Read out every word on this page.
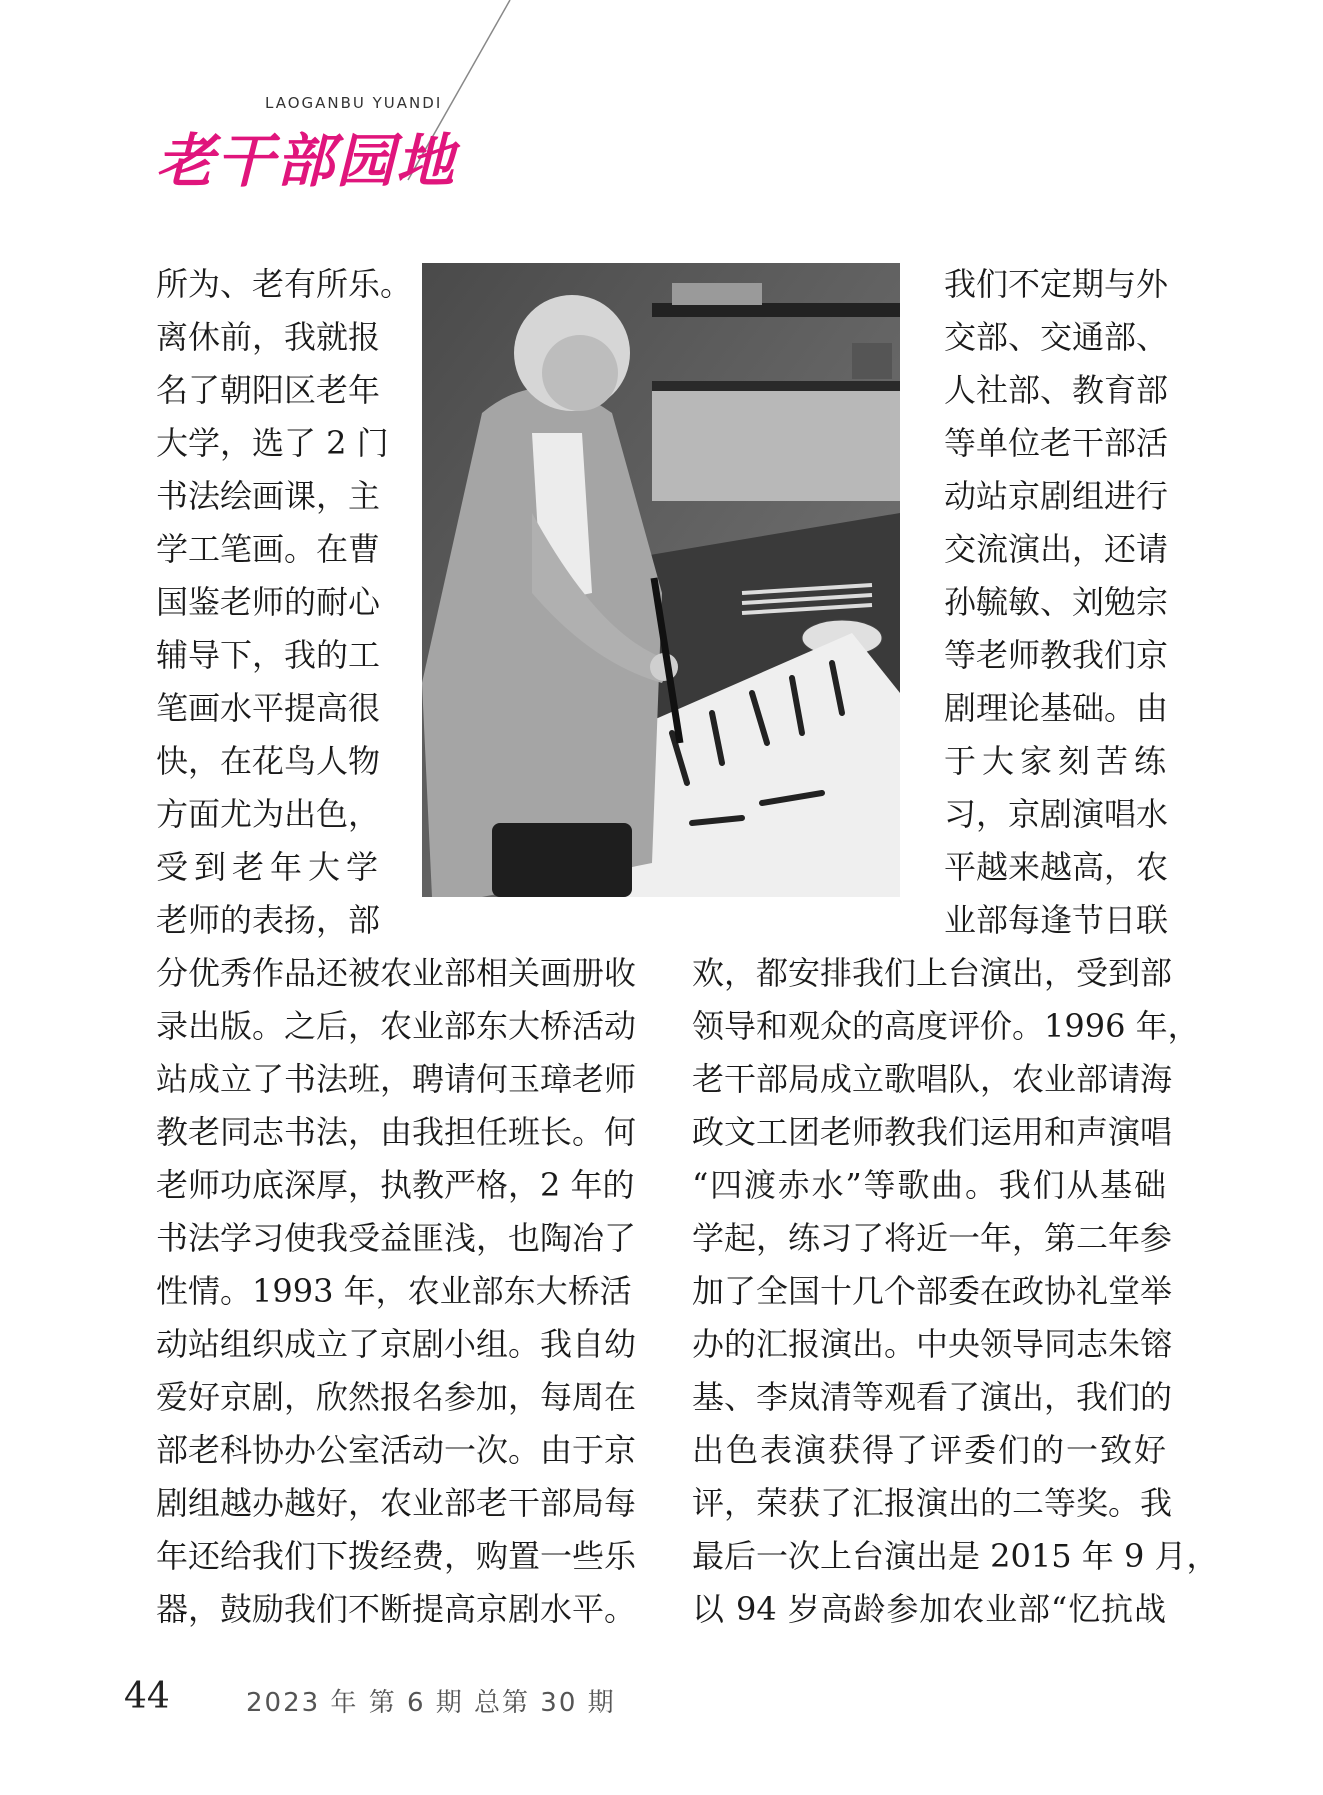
LAOGANBU YUANDI
老干部园地
所为、老有所乐。
离休前，我就报
名了朝阳区老年
大学，选了 2 门
书法绘画课，主
学工笔画。在曹
国鉴老师的耐心
辅导下，我的工
笔画水平提高很
快，在花鸟人物
方面尤为出色，
受到老年大学
老师的表扬，部
我们不定期与外
交部、交通部、
人社部、教育部
等单位老干部活
动站京剧组进行
交流演出，还请
孙毓敏、刘勉宗
等老师教我们京
剧理论基础。由
于大家刻苦练
习，京剧演唱水
平越来越高，农
业部每逢节日联
分优秀作品还被农业部相关画册收
录出版。之后，农业部东大桥活动
站成立了书法班，聘请何玉璋老师
教老同志书法，由我担任班长。何
老师功底深厚，执教严格，2 年的
书法学习使我受益匪浅，也陶冶了
性情。1993 年，农业部东大桥活
动站组织成立了京剧小组。我自幼
爱好京剧，欣然报名参加，每周在
部老科协办公室活动一次。由于京
剧组越办越好，农业部老干部局每
年还给我们下拨经费，购置一些乐
器，鼓励我们不断提高京剧水平。
欢，都安排我们上台演出，受到部
领导和观众的高度评价。1996 年，
老干部局成立歌唱队，农业部请海
政文工团老师教我们运用和声演唱
“四渡赤水”等歌曲。我们从基础
学起，练习了将近一年，第二年参
加了全国十几个部委在政协礼堂举
办的汇报演出。中央领导同志朱镕
基、李岚清等观看了演出，我们的
出色表演获得了评委们的一致好
评，荣获了汇报演出的二等奖。我
最后一次上台演出是 2015 年 9 月，
以 94 岁高龄参加农业部“忆抗战
44	2023 年 第 6 期 总第 30 期
